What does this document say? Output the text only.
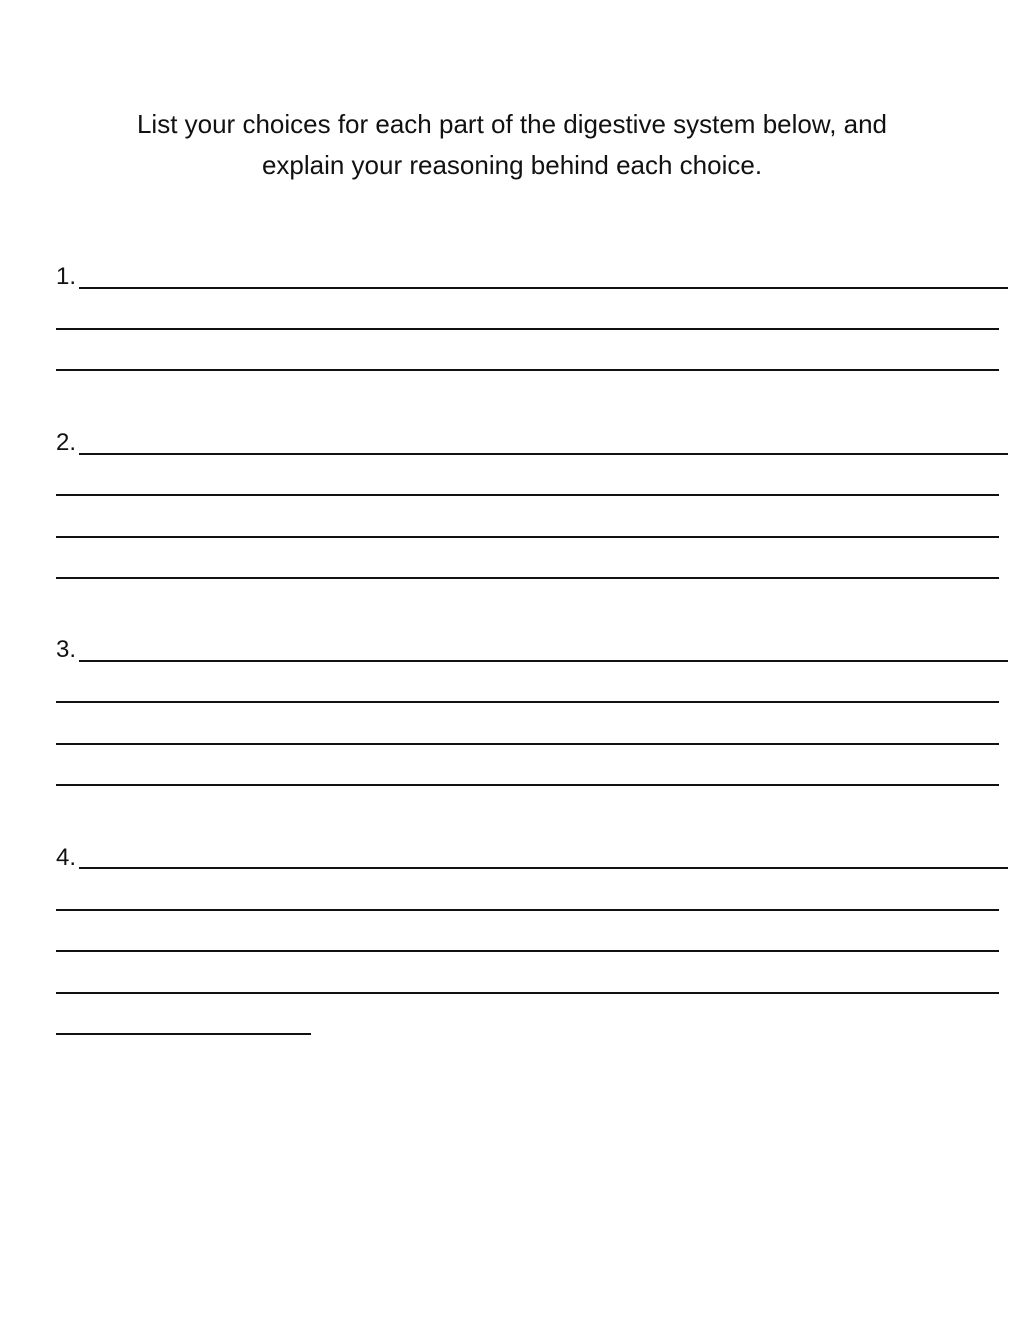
List your choices for each part of the digestive system below, and
explain your reasoning behind each choice.
1.
2.
3.
4.
